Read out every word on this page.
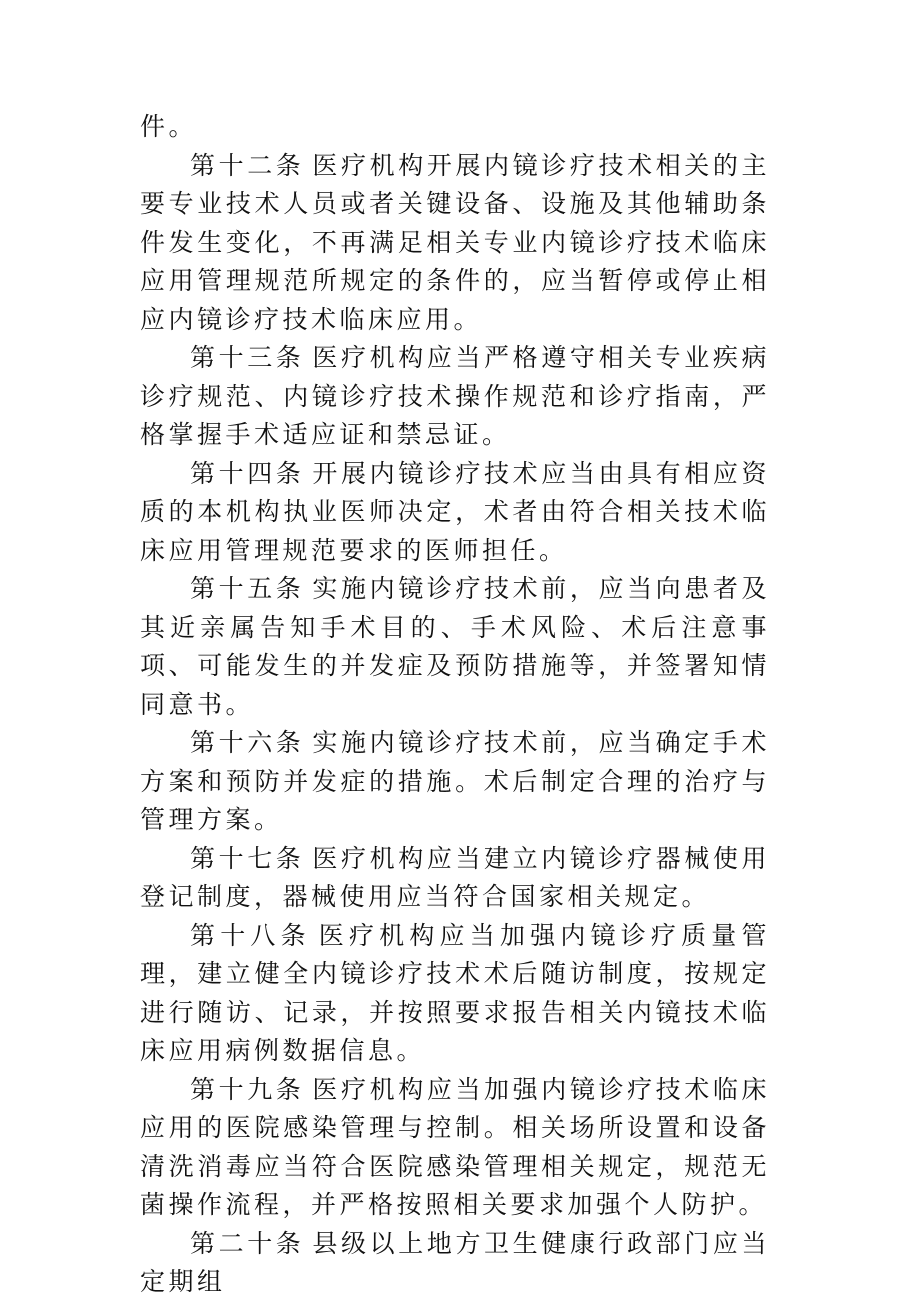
件。

第十二条 医疗机构开展内镜诊疗技术相关的主要专业技术人员或者关键设备、设施及其他辅助条件发生变化，不再满足相关专业内镜诊疗技术临床应用管理规范所规定的条件的，应当暂停或停止相应内镜诊疗技术临床应用。

第十三条 医疗机构应当严格遵守相关专业疾病诊疗规范、内镜诊疗技术操作规范和诊疗指南，严格掌握手术适应证和禁忌证。

第十四条 开展内镜诊疗技术应当由具有相应资质的本机构执业医师决定，术者由符合相关技术临床应用管理规范要求的医师担任。

第十五条 实施内镜诊疗技术前，应当向患者及其近亲属告知手术目的、手术风险、术后注意事项、可能发生的并发症及预防措施等，并签署知情同意书。

第十六条 实施内镜诊疗技术前，应当确定手术方案和预防并发症的措施。术后制定合理的治疗与管理方案。

第十七条 医疗机构应当建立内镜诊疗器械使用登记制度，器械使用应当符合国家相关规定。

第十八条 医疗机构应当加强内镜诊疗质量管理，建立健全内镜诊疗技术术后随访制度，按规定进行随访、记录，并按照要求报告相关内镜技术临床应用病例数据信息。

第十九条 医疗机构应当加强内镜诊疗技术临床应用的医院感染管理与控制。相关场所设置和设备清洗消毒应当符合医院感染管理相关规定，规范无菌操作流程，并严格按照相关要求加强个人防护。

第二十条 县级以上地方卫生健康行政部门应当定期组
